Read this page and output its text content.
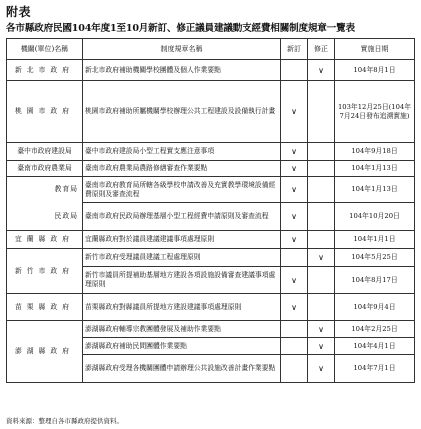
附表
各市縣政府民國104年度1至10月新訂、修正議員建議動支經費相關制度規章一覽表
機關(單位)名稱	制度規章名稱	新訂	修正	實施日期
新北市政府	新北市政府補助機關學校團體及個人作業要點		∨	104年8月1日
桃園市政府	桃園市政府補助所屬機關學校辦理公共工程建設及設備執行計畫	∨		103年12月25日(104年7月24日發布追溯實施)
臺中市政府建設局	臺中市政府建設局小型工程實支應注意事項	∨		104年9月18日
臺南市政府農業局	臺南市政府農業局農路修繕審查作業要點	∨		104年1月13日
教育局	臺南市政府教育局所轄各級學校申請改善及充實教學環境設備經費原則及審查流程	∨		104年1月13日
民政局	臺南市政府民政局辦理基層小型工程經費申請原則及審查流程	∨		104年10月20日
宜蘭縣政府	宜蘭縣政府對於議員建議建議事項處理原則	∨		104年1月1日
新竹市政府	新竹市政府受理議員建議工程處理原則		∨	104年5月25日
	新竹市議員所提補助基層地方建設各項設施設備審查建議事項處理原則	∨		104年8月17日
苗栗縣政府	苗栗縣政府對縣議員所提地方建設建議事項處理原則	∨		104年9月4日
澎湖縣政府	澎湖縣政府輔導宗教團體發展及補助作業要點		∨	104年2月25日
	澎湖縣政府補助民間團體作業要點		∨	104年4月1日
	澎湖縣政府受理各機關團體申請辦理公共設施改善計畫作業要點		∨	104年7月1日
資料來源：整理自各市縣政府提供資料。
